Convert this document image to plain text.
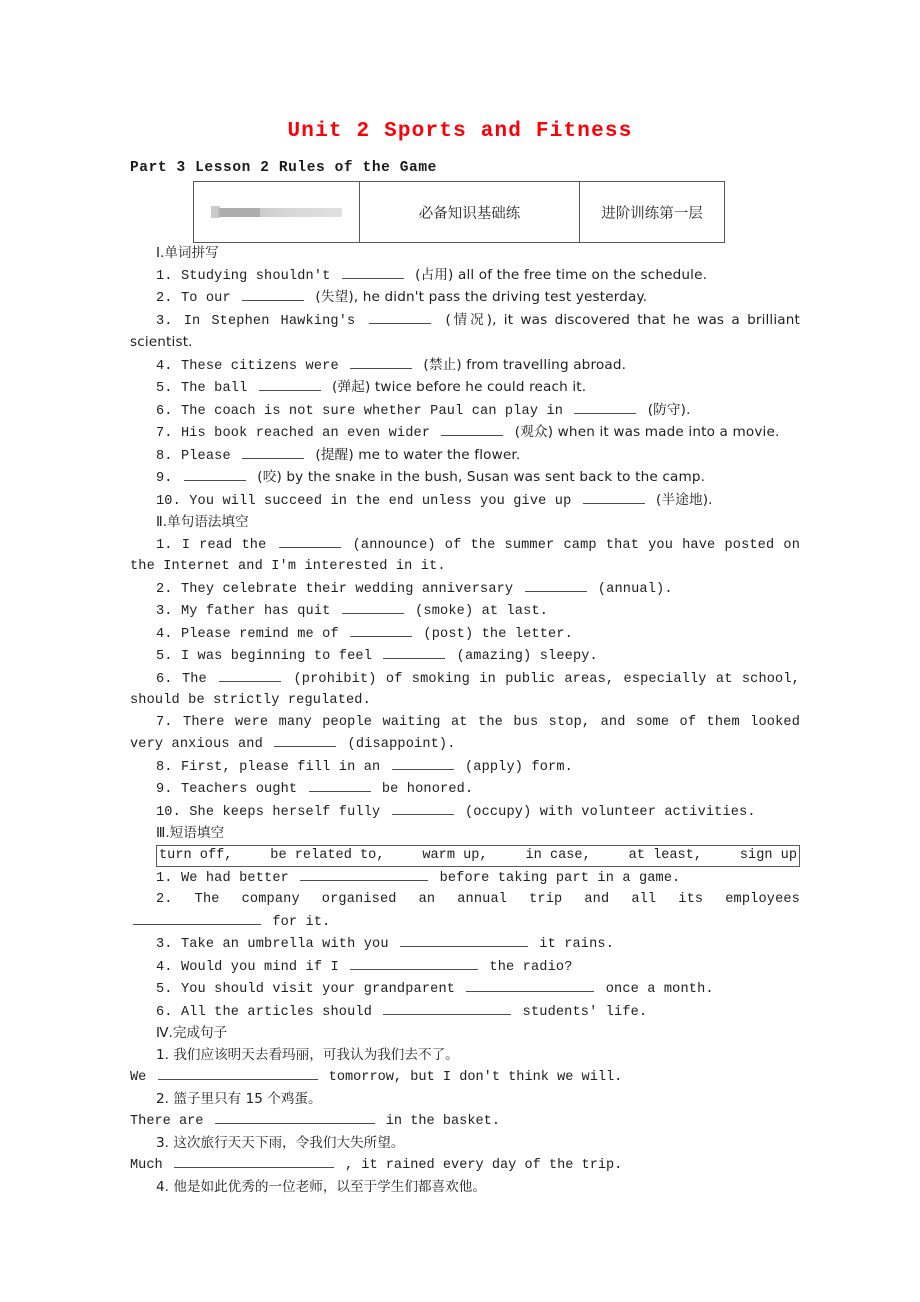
Unit 2 Sports and Fitness
Part 3 Lesson 2 Rules of the Game
必备知识基础练	进阶训练第一层
Ⅰ.单词拼写
1. Studying shouldn't	(占用) all of the free time on the schedule.
2. To our	(失望), he didn't pass the driving test yesterday.
3. In Stephen Hawking's	(情况), it was discovered that he was a brilliant scientist.
4. These citizens were	(禁止) from travelling abroad.
5. The ball	(弹起) twice before he could reach it.
6. The coach is not sure whether Paul can play in	(防守).
7. His book reached an even wider	(观众) when it was made into a movie.
8. Please	(提醒) me to water the flower.
9.	(咬) by the snake in the bush, Susan was sent back to the camp.
10. You will succeed in the end unless you give up	(半途地).
Ⅱ.单句语法填空
1. I read the	(announce) of the summer camp that you have posted on the Internet and I'm interested in it.
2. They celebrate their wedding anniversary	(annual).
3. My father has quit	(smoke) at last.
4. Please remind me of	(post) the letter.
5. I was beginning to feel	(amazing) sleepy.
6. The	(prohibit) of smoking in public areas, especially at school, should be strictly regulated.
7. There were many people waiting at the bus stop, and some of them looked very anxious and	(disappoint).
8. First, please fill in an	(apply) form.
9. Teachers ought	be honored.
10. She keeps herself fully	(occupy) with volunteer activities.
Ⅲ.短语填空
turn off,	be related to,	warm up,	in case,	at least,	sign up
1. We had better	before taking part in a game.
2. The company organised an annual trip and all its employees  for it.
3. Take an umbrella with you	it rains.
4. Would you mind if I	the radio?
5. You should visit your grandparent	once a month.
6. All the articles should	students' life.
Ⅳ.完成句子
1. 我们应该明天去看玛丽，可我认为我们去不了。
We	tomorrow, but I don't think we will.
2. 篮子里只有 15 个鸡蛋。
There are	in the basket.
3. 这次旅行天天下雨，令我们大失所望。
Much	, it rained every day of the trip.
4. 他是如此优秀的一位老师，以至于学生们都喜欢他。
